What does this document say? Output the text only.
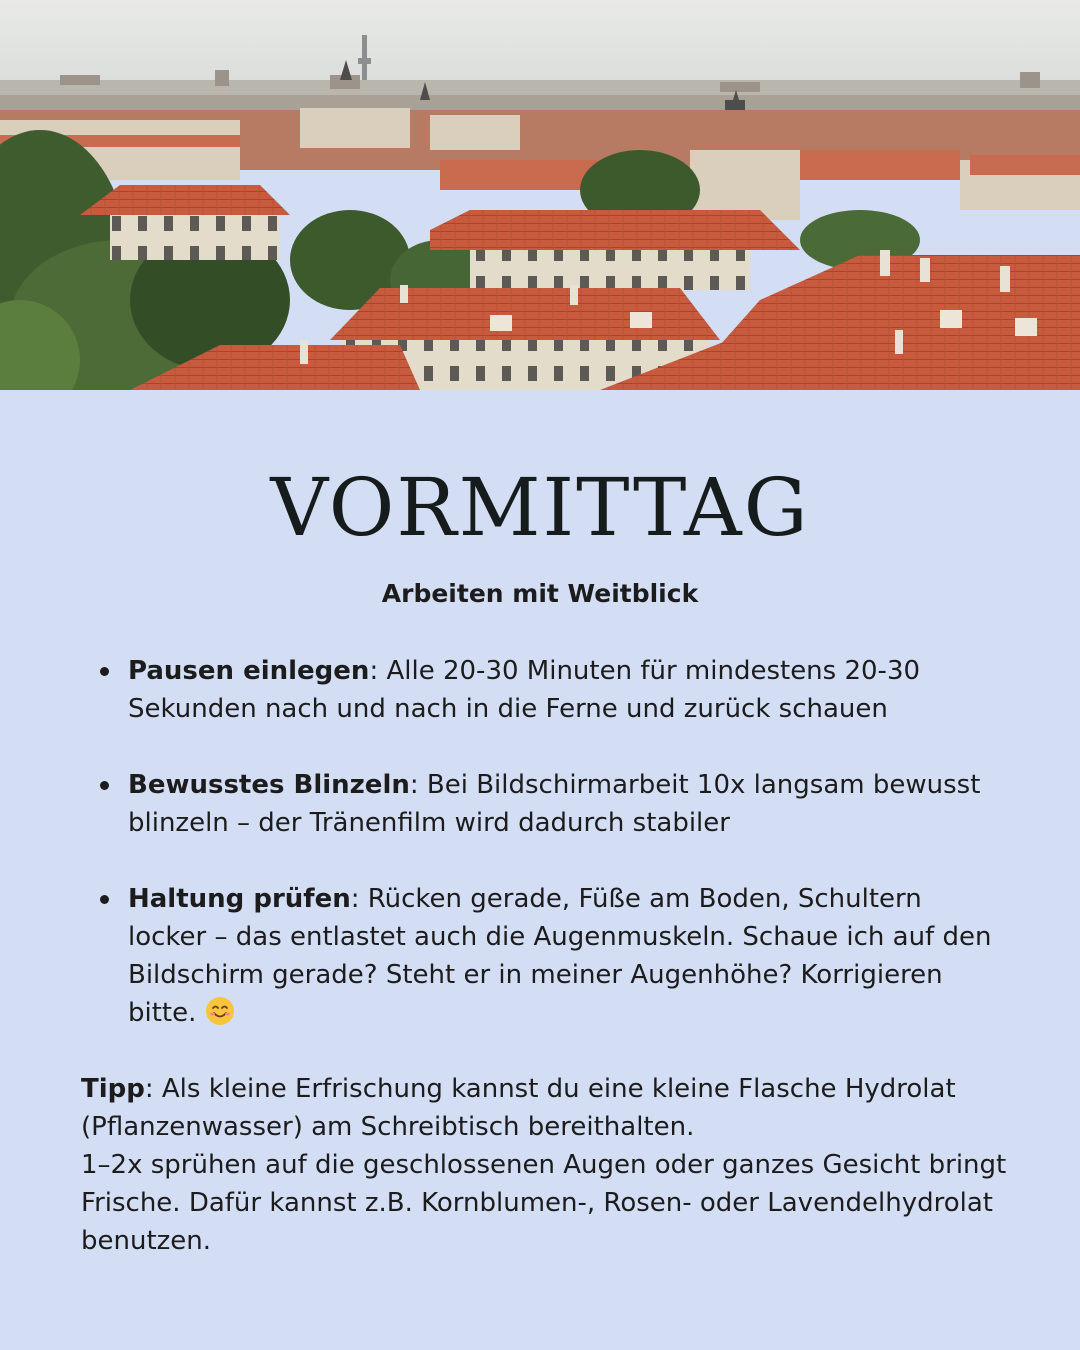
VORMITTAG
Arbeiten mit Weitblick
Pausen einlegen: Alle 20-30 Minuten für mindestens 20-30 Sekunden nach und nach in die Ferne und zurück schauen
Bewusstes Blinzeln: Bei Bildschirmarbeit 10x langsam bewusst blinzeln – der Tränenfilm wird dadurch stabiler
Haltung prüfen: Rücken gerade, Füße am Boden, Schultern locker – das entlastet auch die Augenmuskeln. Schaue ich auf den Bildschirm gerade? Steht er in meiner Augenhöhe? Korrigieren bitte.
Tipp: Als kleine Erfrischung kannst du eine kleine Flasche Hydrolat (Pflanzenwasser) am Schreibtisch bereithalten.
1–2x sprühen auf die geschlossenen Augen oder ganzes Gesicht bringt Frische. Dafür kannst z.B. Kornblumen-, Rosen- oder Lavendelhydrolat benutzen.
